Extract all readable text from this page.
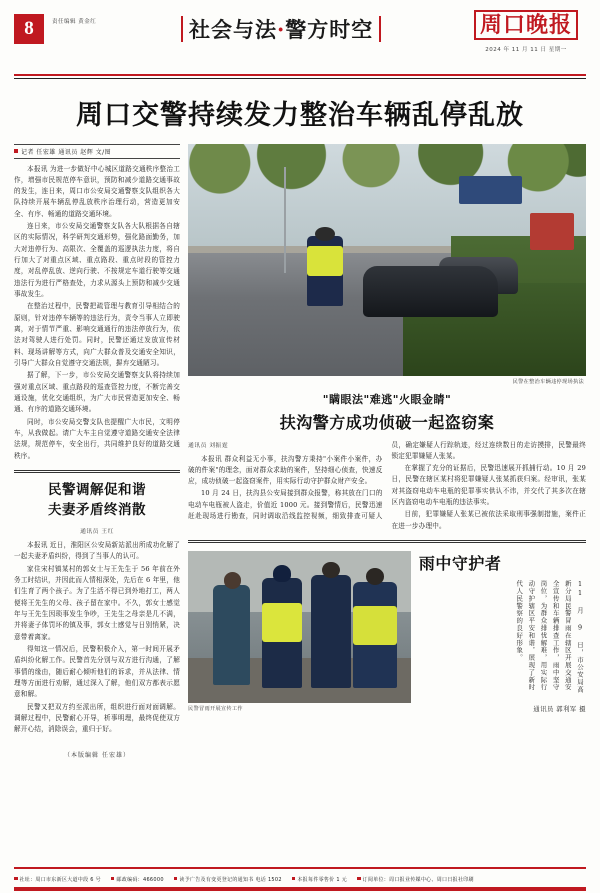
8	责任编辑 黄金红	社会与法·警方时空	周口晚报
2024 年 11 月 11 日 星期一
周口交警持续发力整治车辆乱停乱放
记者 任宏雄 通讯员 赵辉 文/图

本报讯 为进一步做好中心城区道路交通秩序整治工作，增强市民规范停车意识，预防和减少道路交通事故的发生，连日来，周口市公安局交通警察支队组织各大队持续开展车辆乱停乱放秩序治理行动，营造更加安全、有序、畅通的道路交通环境。

连日来，市公安局交通警察支队各大队根据各自辖区的实际情况，科学研判交通形势，强化路面勤务，加大对违停行为、高限次、全覆盖的巡逻执法力度，将自行加大了对重点区域、重点路段、重点时段的管控力度，对乱停乱放、逆向行驶、不按规定车道行驶等交通违法行为进行严格查处，力求从源头上预防和减少交通事故发生。

在整治过程中，民警把疏管理与教育引导相结合的原则，针对违停车辆等的违法行为，责令当事人立即驶离，对于情节严重、影响交通通行的违法停放行为，依法对驾驶人进行处罚。同时，民警还通过发放宣传材料、现场讲解等方式，向广大群众普及交通安全知识，引导广大群众自觉遵守交通法规，摒弃交通陋习。

据了解，下一步，市公安局交通警察支队将持续加强对重点区域、重点路段的巡查管控力度，不断完善交通设施，优化交通组织，为广大市民营造更加安全、畅通、有序的道路交通环境。

同时，市公安局交警支队也提醒广大市民，文明停车，从我做起。请广大车主自觉遵守道路交通安全法律法规，规范停车，安全出行，共同维护良好的道路交通秩序。

民警调解促和谐
夫妻矛盾终消散
通讯员 王红

本报讯 近日，淮阳区公安局新站派出所成功化解了一起夫妻矛盾纠纷，得到了当事人的认可。

家住宋村镇某村的郭女士与王先生于 56 年前在外务工时结识，并因此而人情相深处，先后在 6 年里，他们生育了两个孩子。为了生活不得已到外地打工，两人便将王先生的父母、孩子留在家中。不久，郭女士感觉年与王先生因琐事发生争吵，王先生之母亲是几不满，并将妻子体罚坏的镇及事，郭女士感觉与日别悄紧，决意带着离家。

得知这一情况后，民警积极介入，第一时间开展矛盾纠纷化解工作。民警首先分别与双方进行沟通，了解事情的缘由，随后耐心倾听他们的诉求，并从法律、情理等方面进行劝解，通过深入了解，他们双方都表示愿意和解。

民警又把双方约至派出所，组织进行面对面调解。调解过程中，民警耐心开导，析事明理，最终促使双方解开心结，消除误会，重归于好。

（本版编辑 任宏雄）
民警在整治车辆违停现场执法
"瞒眼法"难逃"火眼金睛"
扶沟警方成功侦破一起盗窃案
通讯员 刘振霆

本报讯 群众利益无小事，扶沟警方秉持"小案件小案件，办破的件案"的理念，面对群众求助的案件，坚持细心侦查，快速反应，成功侦破一起盗窃案件，用实际行动守护群众财产安全。

10 月 24 日，扶沟县公安局接到群众报警，称其放在门口的电动车电瓶被人盗走，价值近 1000 元。接到警情后，民警迅速赶赴现场进行勘查，同时调取沿线监控视频，细致排查可疑人员，确定嫌疑人行踪轨迹，经过连续数日的走访摸排，民警最终锁定犯罪嫌疑人张某。

在掌握了充分的证据后，民警迅速展开抓捕行动。10 月 29 日，民警在辖区某村将犯罪嫌疑人张某抓获归案。经审讯，张某对其盗窃电动车电瓶的犯罪事实供认不讳，并交代了其多次在辖区内盗窃电动车电瓶的违法事实。

目前，犯罪嫌疑人张某已被依法采取刑事强制措施，案件正在进一步办理中。

民警冒雨开展宣传工作
雨中守护者
11 月 9 日，市公安局高新分局民警冒雨在辖区开展交通安全宣传和车辆排查工作，雨中坚守岗位，为群众排忧解难，用实际行动守护辖区平安和谐，展现了新时代人民警察的良好形象。
通讯员 郭利军 摄
社址：周口市东新区大道中段 6 号	邮政编码：466000	读予广告及有变更登记的通知书 电话 1502	本报每件零售价 1 元	订阅单位：周口报业传媒中心、周口日报社印刷
